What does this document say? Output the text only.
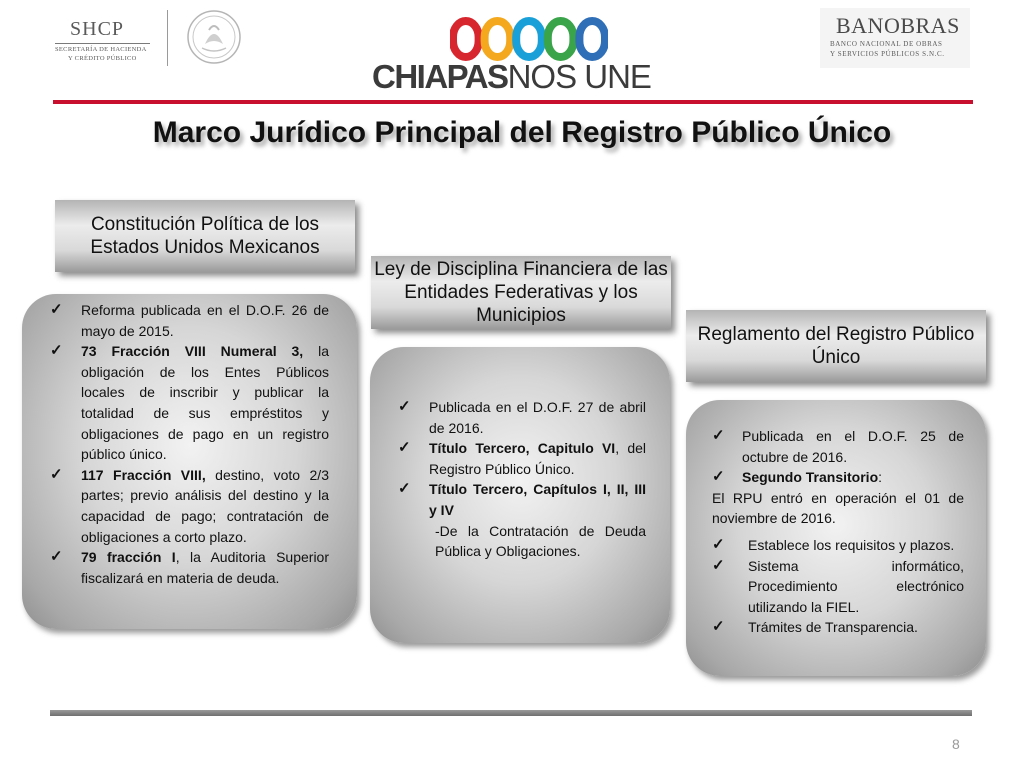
SHCP
SECRETARÍA DE HACIENDA
Y CRÉDITO PÚBLICO	CHIAPASNOS UNE
BANOBRAS
BANCO NACIONAL DE OBRAS
Y SERVICIOS PÚBLICOS S.N.C.
Marco Jurídico Principal del Registro Público Único
Constitución Política de los Estados Unidos Mexicanos
Ley de Disciplina Financiera de las Entidades Federativas y los Municipios
Reglamento del Registro Público Único
✓	Reforma publicada en el D.O.F. 26 de mayo de 2015.
✓	73 Fracción VIII Numeral 3, la obligación de los Entes Públicos locales de inscribir y publicar la totalidad de sus empréstitos y obligaciones de pago en un registro público único.
✓	117 Fracción VIII, destino, voto 2/3 partes; previo análisis del destino y la capacidad de pago; contratación de obligaciones a corto plazo.
✓	79 fracción I, la Auditoria Superior fiscalizará en materia de deuda.
✓	Publicada en el D.O.F. 27 de abril de 2016.
✓	Título Tercero, Capitulo VI, del Registro Público Único.
✓	Título Tercero, Capítulos I, II, III y IV
-De la Contratación de Deuda Pública y Obligaciones.
✓	Publicada en el D.O.F. 25 de octubre de 2016.
✓	Segundo Transitorio:
El RPU entró en operación el 01 de noviembre de 2016.
✓	Establece los requisitos y plazos.
✓	Sistema informático, Procedimiento electrónico utilizando la FIEL.
✓	Trámites de Transparencia.
8
